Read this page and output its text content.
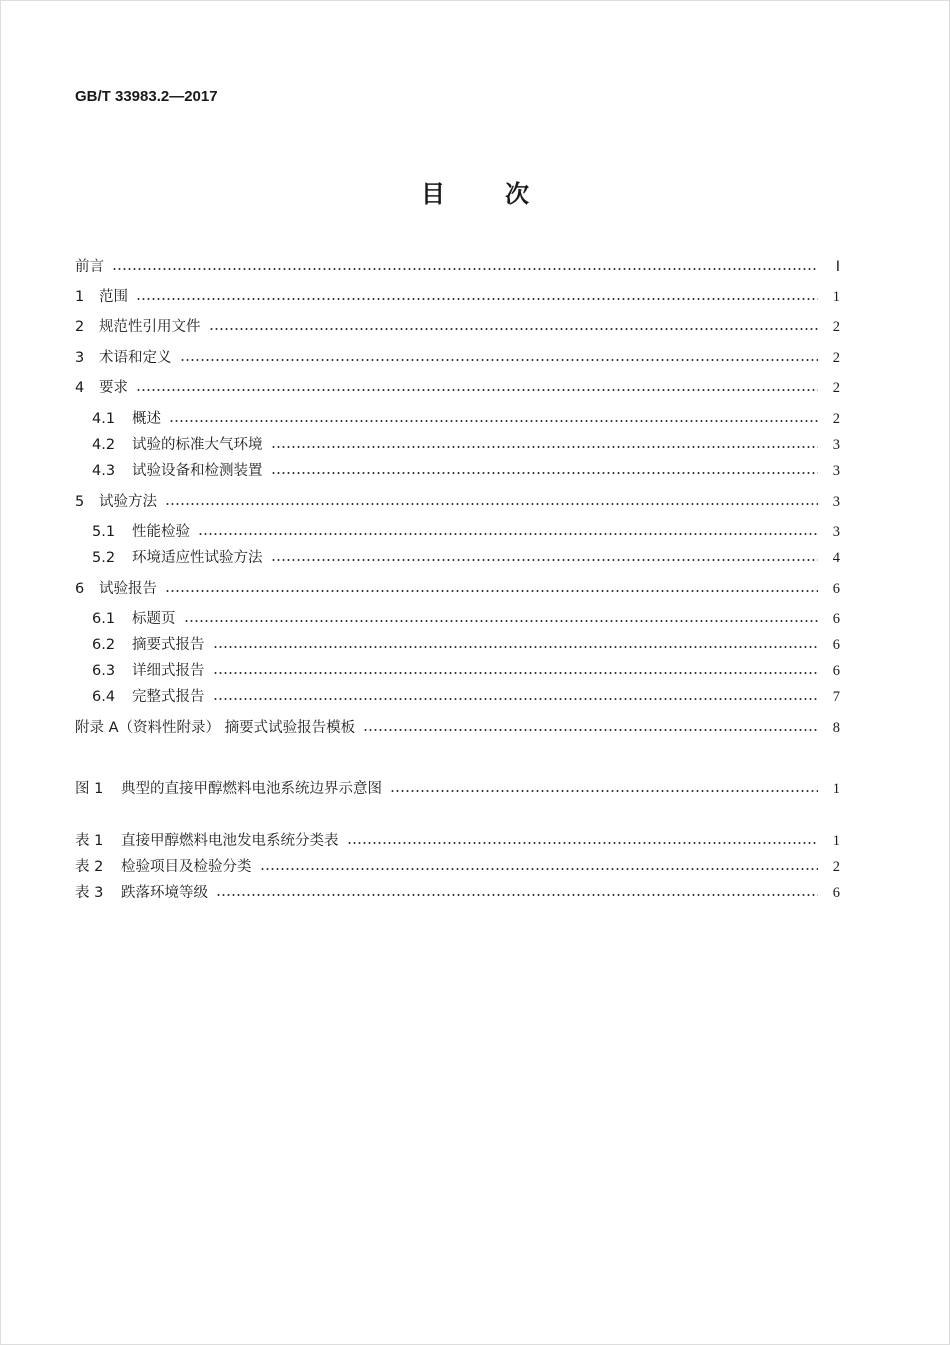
GB/T 33983.2—2017
目次
前言	Ⅰ
1	范围	1
2	规范性引用文件	2
3	术语和定义	2
4	要求	2
4.1	概述	2
4.2	试验的标准大气环境	3
4.3	试验设备和检测装置	3
5	试验方法	3
5.1	性能检验	3
5.2	环境适应性试验方法	4
6	试验报告	6
6.1	标题页	6
6.2	摘要式报告	6
6.3	详细式报告	6
6.4	完整式报告	7
附录 A（资料性附录） 摘要式试验报告模板	8
图 1	典型的直接甲醇燃料电池系统边界示意图	1
表 1	直接甲醇燃料电池发电系统分类表	1
表 2	检验项目及检验分类	2
表 3	跌落环境等级	6
